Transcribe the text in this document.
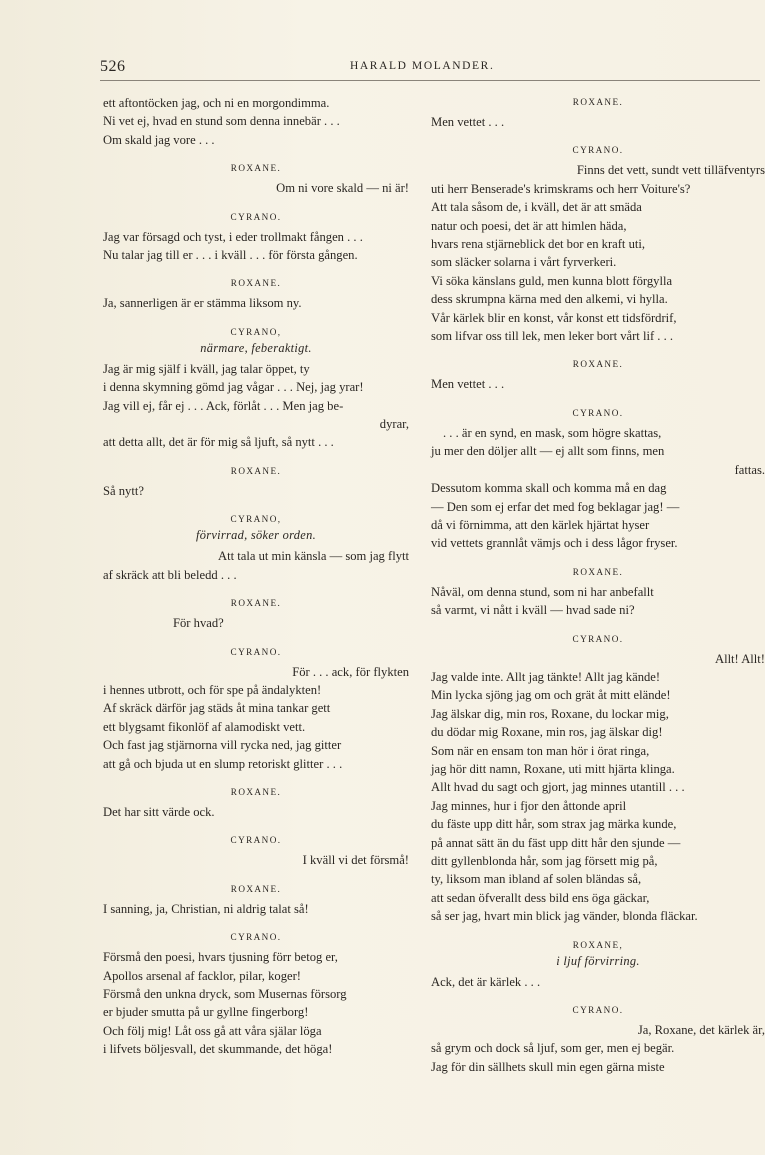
526	HARALD MOLANDER.
ett aftontöcken jag, och ni en morgondimma.
Ni vet ej, hvad en stund som denna innebär . . .
Om skald jag vore . . .
ROXANE.
Om ni vore skald — ni är!
CYRANO.
Jag var försagd och tyst, i eder trollmakt fången . . .
Nu talar jag till er . . . i kväll . . . för första gången.
ROXANE.
Ja, sannerligen är er stämma liksom ny.
CYRANO,
närmare, feberaktigt.
Jag är mig själf i kväll, jag talar öppet, ty
i denna skymning gömd jag vågar . . . Nej, jag yrar!
Jag vill ej, får ej . . . Ack, förlåt . . . Men jag be-
dyrar,
att detta allt, det är för mig så ljuft, så nytt . . .
ROXANE.
Så nytt?
CYRANO,
förvirrad, söker orden.
Att tala ut min känsla — som jag flytt
af skräck att bli beledd . . .
ROXANE.
För hvad?
CYRANO.
För . . . ack, för flykten
i hennes utbrott, och för spe på ändalykten!
Af skräck därför jag städs åt mina tankar gett
ett blygsamt fikonlöf af alamodiskt vett.
Och fast jag stjärnorna vill rycka ned, jag gitter
att gå och bjuda ut en slump retoriskt glitter . . .
ROXANE.
Det har sitt värde ock.
CYRANO.
I kväll vi det försmå!
ROXANE.
I sanning, ja, Christian, ni aldrig talat så!
CYRANO.
Försmå den poesi, hvars tjusning förr betog er,
Apollos arsenal af facklor, pilar, koger!
Försmå den unkna dryck, som Musernas försorg
er bjuder smutta på ur gyllne fingerborg!
Och följ mig! Låt oss gå att våra själar löga
i lifvets böljesvall, det skummande, det höga!
ROXANE.
Men vettet . . .
CYRANO.
Finns det vett, sundt vett tilläfventyrs
uti herr Benserade's krimskrams och herr Voiture's?
Att tala såsom de, i kväll, det är att smäda
natur och poesi, det är att himlen häda,
hvars rena stjärneblick det bor en kraft uti,
som släcker solarna i vårt fyrverkeri.
Vi söka känslans guld, men kunna blott förgylla
dess skrumpna kärna med den alkemi, vi hylla.
Vår kärlek blir en konst, vår konst ett tidsfördrif,
som lifvar oss till lek, men leker bort vårt lif . . .
ROXANE.
Men vettet . . .
CYRANO.
. . . är en synd, en mask, som högre skattas,
ju mer den döljer allt — ej allt som finns, men
fattas.
Dessutom komma skall och komma må en dag
— Den som ej erfar det med fog beklagar jag! —
då vi förnimma, att den kärlek hjärtat hyser
vid vettets grannlåt vämjs och i dess lågor fryser.
ROXANE.
Nåväl, om denna stund, som ni har anbefallt
så varmt, vi nått i kväll — hvad sade ni?
CYRANO.
Allt! Allt!
Jag valde inte. Allt jag tänkte! Allt jag kände!
Min lycka sjöng jag om och grät åt mitt elände!
Jag älskar dig, min ros, Roxane, du lockar mig,
du dödar mig Roxane, min ros, jag älskar dig!
Som när en ensam ton man hör i örat ringa,
jag hör ditt namn, Roxane, uti mitt hjärta klinga.
Allt hvad du sagt och gjort, jag minnes utantill . . .
Jag minnes, hur i fjor den åttonde april
du fäste upp ditt hår, som strax jag märka kunde,
på annat sätt än du fäst upp ditt hår den sjunde —
ditt gyllenblonda hår, som jag försett mig på,
ty, liksom man ibland af solen bländas så,
att sedan öfverallt dess bild ens öga gäckar,
så ser jag, hvart min blick jag vänder, blonda fläckar.
ROXANE,
i ljuf förvirring.
Ack, det är kärlek . . .
CYRANO.
Ja, Roxane, det kärlek är,
så grym och dock så ljuf, som ger, men ej begär.
Jag för din sällhets skull min egen gärna miste
